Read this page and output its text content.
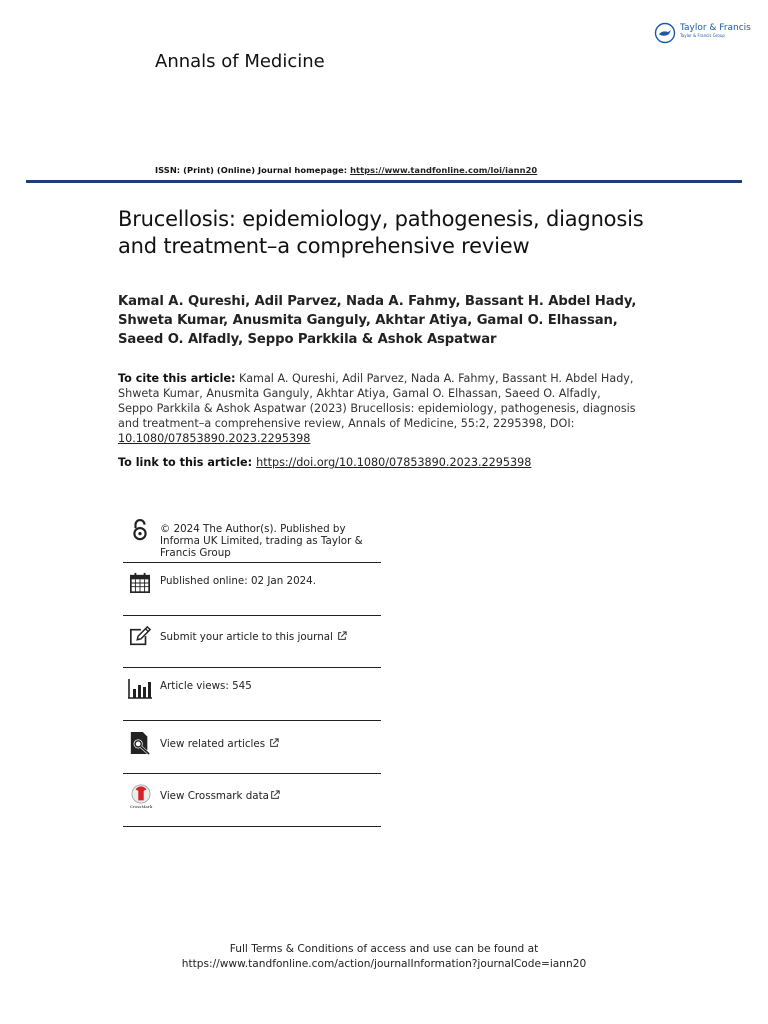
Taylor & Francis
Taylor & Francis Group
Annals of Medicine
ISSN: (Print) (Online) Journal homepage: https://www.tandfonline.com/loi/iann20
Brucellosis: epidemiology, pathogenesis, diagnosis and treatment–a comprehensive review
Kamal A. Qureshi, Adil Parvez, Nada A. Fahmy, Bassant H. Abdel Hady, Shweta Kumar, Anusmita Ganguly, Akhtar Atiya, Gamal O. Elhassan, Saeed O. Alfadly, Seppo Parkkila & Ashok Aspatwar
To cite this article: Kamal A. Qureshi, Adil Parvez, Nada A. Fahmy, Bassant H. Abdel Hady, Shweta Kumar, Anusmita Ganguly, Akhtar Atiya, Gamal O. Elhassan, Saeed O. Alfadly, Seppo Parkkila & Ashok Aspatwar (2023) Brucellosis: epidemiology, pathogenesis, diagnosis and treatment–a comprehensive review, Annals of Medicine, 55:2, 2295398, DOI: 10.1080/07853890.2023.2295398
To link to this article: https://doi.org/10.1080/07853890.2023.2295398
© 2024 The Author(s). Published by Informa UK Limited, trading as Taylor & Francis Group
Published online: 02 Jan 2024.
Submit your article to this journal
Article views: 545
View related articles
CrossMark
View Crossmark data
Full Terms & Conditions of access and use can be found at
https://www.tandfonline.com/action/journalInformation?journalCode=iann20
